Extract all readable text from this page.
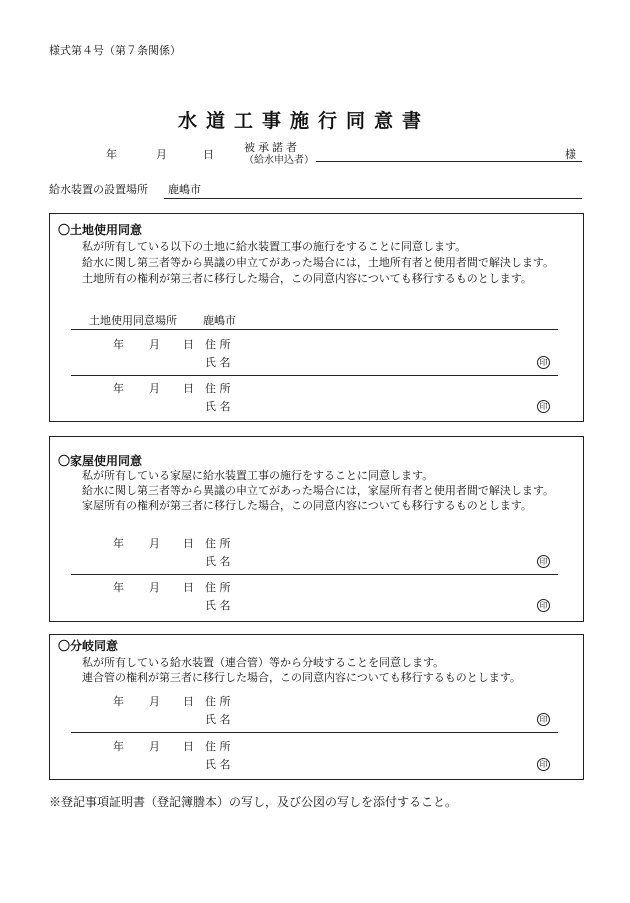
様式第４号（第７条関係）
水道工事施行同意書
年	月	日
被承諾者
（給水申込者）	様
給水装置の設置場所 鹿嶋市
〇土地使用同意
私が所有している以下の土地に給水装置工事の施行をすることに同意します。
給水に関し第三者等から異議の申立てがあった場合には，土地所有者と使用者間で解決します。
土地所有の権利が第三者に移行した場合，この同意内容についても移行するものとします。
土地使用同意場所 鹿嶋市
年 月 日 住 所
氏 名	印
年 月 日 住 所
氏 名	印
〇家屋使用同意
私が所有している家屋に給水装置工事の施行をすることに同意します。
給水に関し第三者等から異議の申立てがあった場合には，家屋所有者と使用者間で解決します。
家屋所有の権利が第三者に移行した場合，この同意内容についても移行するものとします。
年 月 日 住 所
氏 名	印
年 月 日 住 所
氏 名	印
〇分岐同意
私が所有している給水装置（連合管）等から分岐することを同意します。
連合管の権利が第三者に移行した場合，この同意内容についても移行するものとします。
年 月 日 住 所
氏 名	印
年 月 日 住 所
氏 名	印
※登記事項証明書（登記簿謄本）の写し，及び公図の写しを添付すること。
